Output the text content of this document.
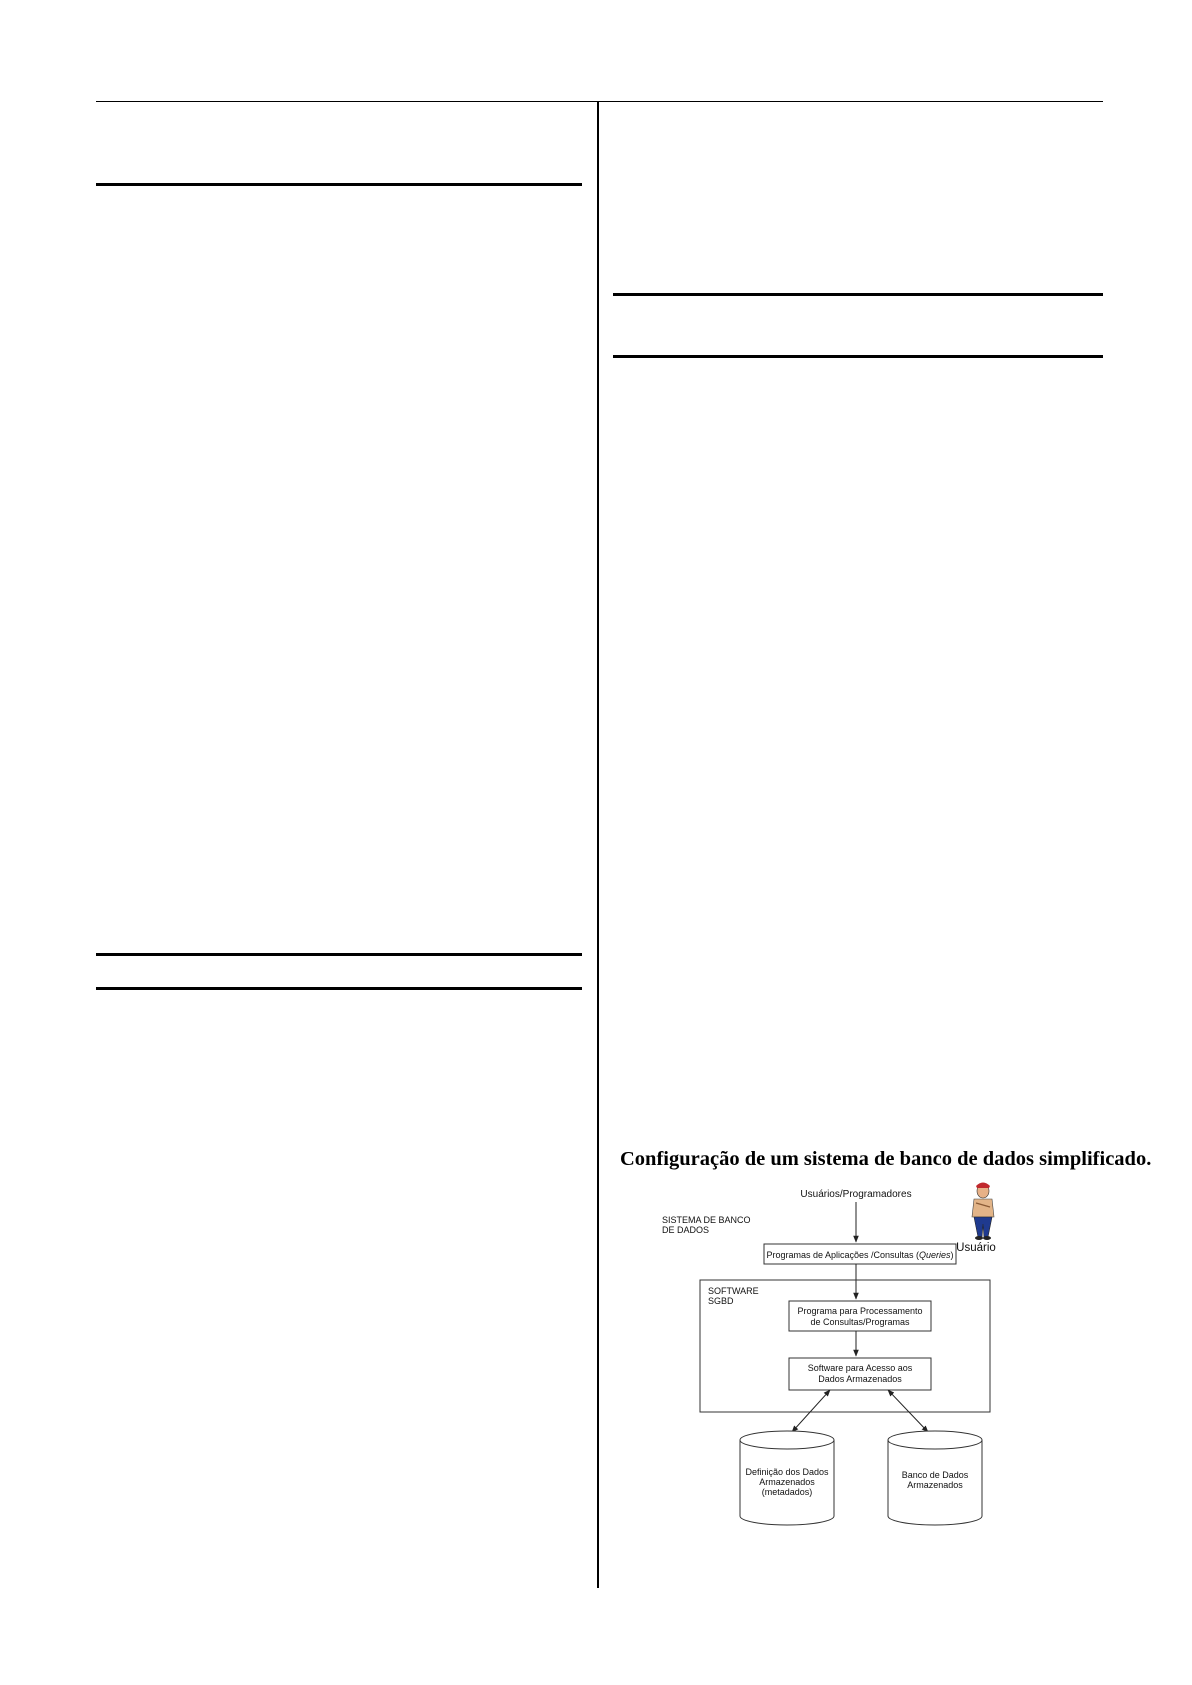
Configuração de um sistema de banco de dados simplificado.

Usuários/Programadores
Usuário
SISTEMA DE BANCO
DE DADOS
Programas de Aplicações /Consultas (Queries)
SOFTWARE
SGBD
Programa para Processamento
de Consultas/Programas
Software para Acesso aos
Dados Armazenados
Definição dos Dados
Armazenados
(metadados)
Banco de Dados
Armazenados
